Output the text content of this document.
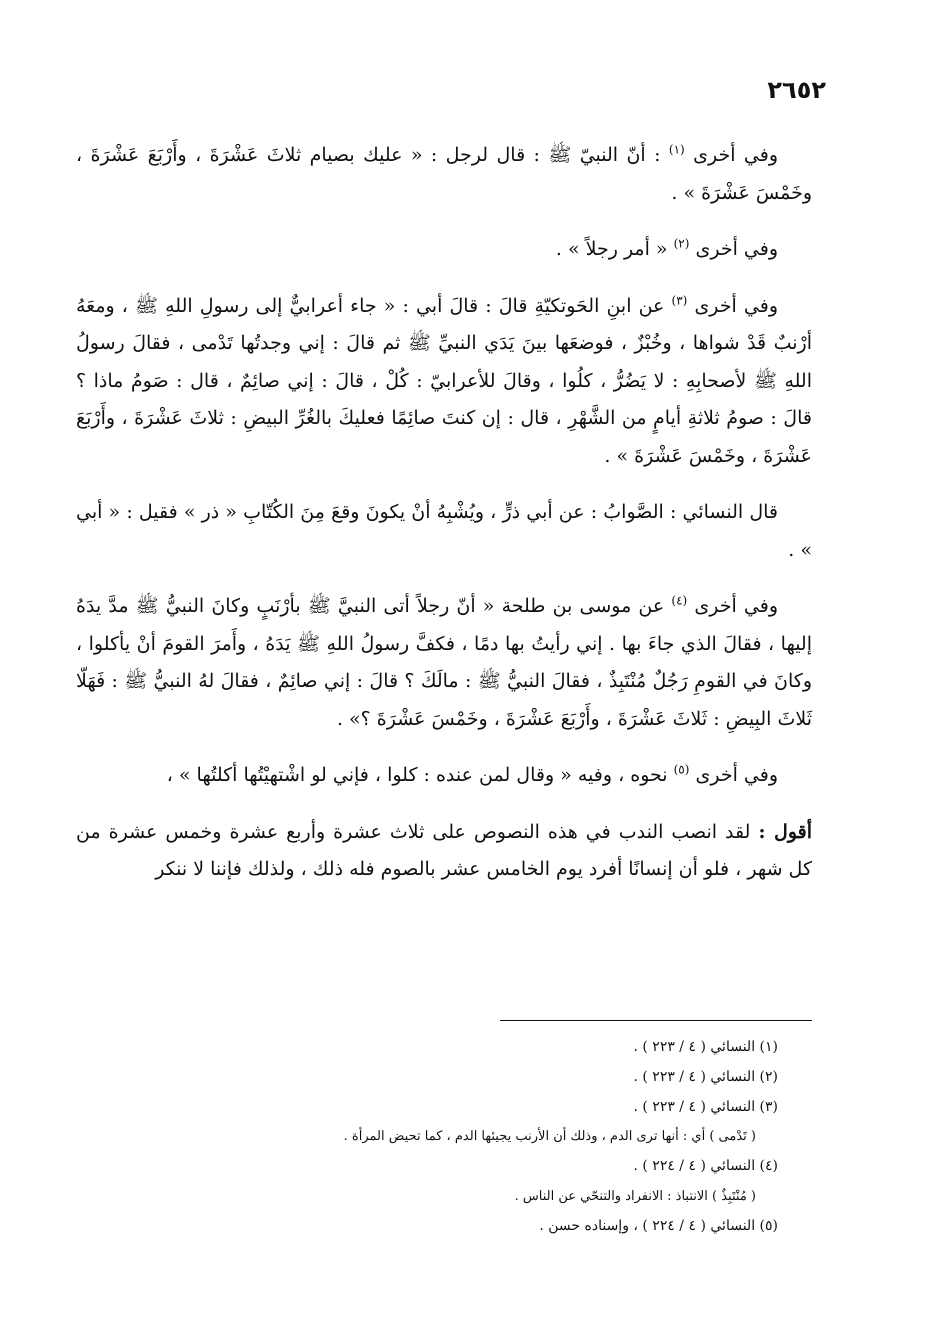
٢٦٥٢

وفي أخرى $^{(١)}$ : أنّ النبيّ ﷺ : قال لرجل : « عليك بصيام ثلاثَ عَشْرَةَ ، وأَرْبَعَ عَشْرَةَ ، وخَمْسَ عَشْرَةَ » .

وفي أخرى $^{(٢)}$ « أمر رجلاً » .

وفي أخرى $^{(٣)}$ عن ابنِ الحَوتكيّةِ قالَ : قالَ أبي : « جاء أعرابيٌّ إلى رسولِ اللهِ ﷺ ، ومعَهُ أرْنبٌ قَدْ شواها ، وخُبْزٌ ، فوضعَها بينَ يَدَي النبيِّ ﷺ ثم قالَ : إني وجدتُها تَدْمى ، فقالَ رسولُ اللهِ ﷺ لأصحابِهِ : لا يَضُرُّ ، كلُوا ، وقالَ للأعرابيّ : كُلْ ، قالَ : إني صائِمٌ ، قال : صَومُ ماذا ؟ قالَ : صومُ ثلاثةِ أيامٍ من الشَّهْرِ ، قال : إن كنتَ صائِمًا فعليكَ بالغُرِّ البيضِ : ثلاثَ عَشْرَةَ ، وأَرْبَعَ عَشْرَةَ ، وخَمْسَ عَشْرَةَ » .

قال النسائي : الصَّوابُ : عن أبي ذرٍّ ، ويُشْبِهُ أنْ يكونَ وقعَ مِنَ الكُتّابِ « ذر » فقيل : « أبي » .

وفي أخرى $^{(٤)}$ عن موسى بن طلحة « أنّ رجلاً أتى النبيَّ ﷺ بأرْنَبٍ وكانَ النبيُّ ﷺ مدَّ يدَهُ إليها ، فقالَ الذي جاءَ بها . إني رأيتُ بها دمًا ، فكفَّ رسولُ اللهِ ﷺ يَدَهُ ، وأَمرَ القومَ أنْ يأكلوا ، وكانَ في القومِ رَجُلٌ مُنْتَبِذٌ ، فقالَ النبيُّ ﷺ : مالَكَ ؟ قالَ : إني صائِمٌ ، فقالَ لهُ النبيُّ ﷺ : فَهَلّا ثَلاثَ البِيضِ : ثَلاثَ عَشْرَةَ ، وأَرْبَعَ عَشْرَةَ ، وخَمْسَ عَشْرَةَ ؟» .

وفي أخرى $^{(٥)}$ نحوه ، وفيه « وقال لمن عنده : كلوا ، فإني لو اشْتهيْتُها أكلتُها » ،

أقول : لقد انصب الندب في هذه النصوص على ثلاث عشرة وأربع عشرة وخمس عشرة من كل شهر ، فلو أن إنسانًا أفرد يوم الخامس عشر بالصوم فله ذلك ، ولذلك فإننا لا ننكر

(١) النسائي ( ٤ / ٢٢٣ ) .

(٢) النسائي ( ٤ / ٢٢٣ ) .

(٣) النسائي ( ٤ / ٢٢٣ ) .

( تَدْمى ) أي : أنها ترى الدم ، وذلك أن الأرنب يجيئها الدم ، كما تحيض المرأة .

(٤) النسائي ( ٤ / ٢٢٤ ) .

( مُنْتَبِذٌ ) الانتباذ : الانفراد والتنحّي عن الناس .

(٥) النسائي ( ٤ / ٢٢٤ ) ، وإسناده حسن .
